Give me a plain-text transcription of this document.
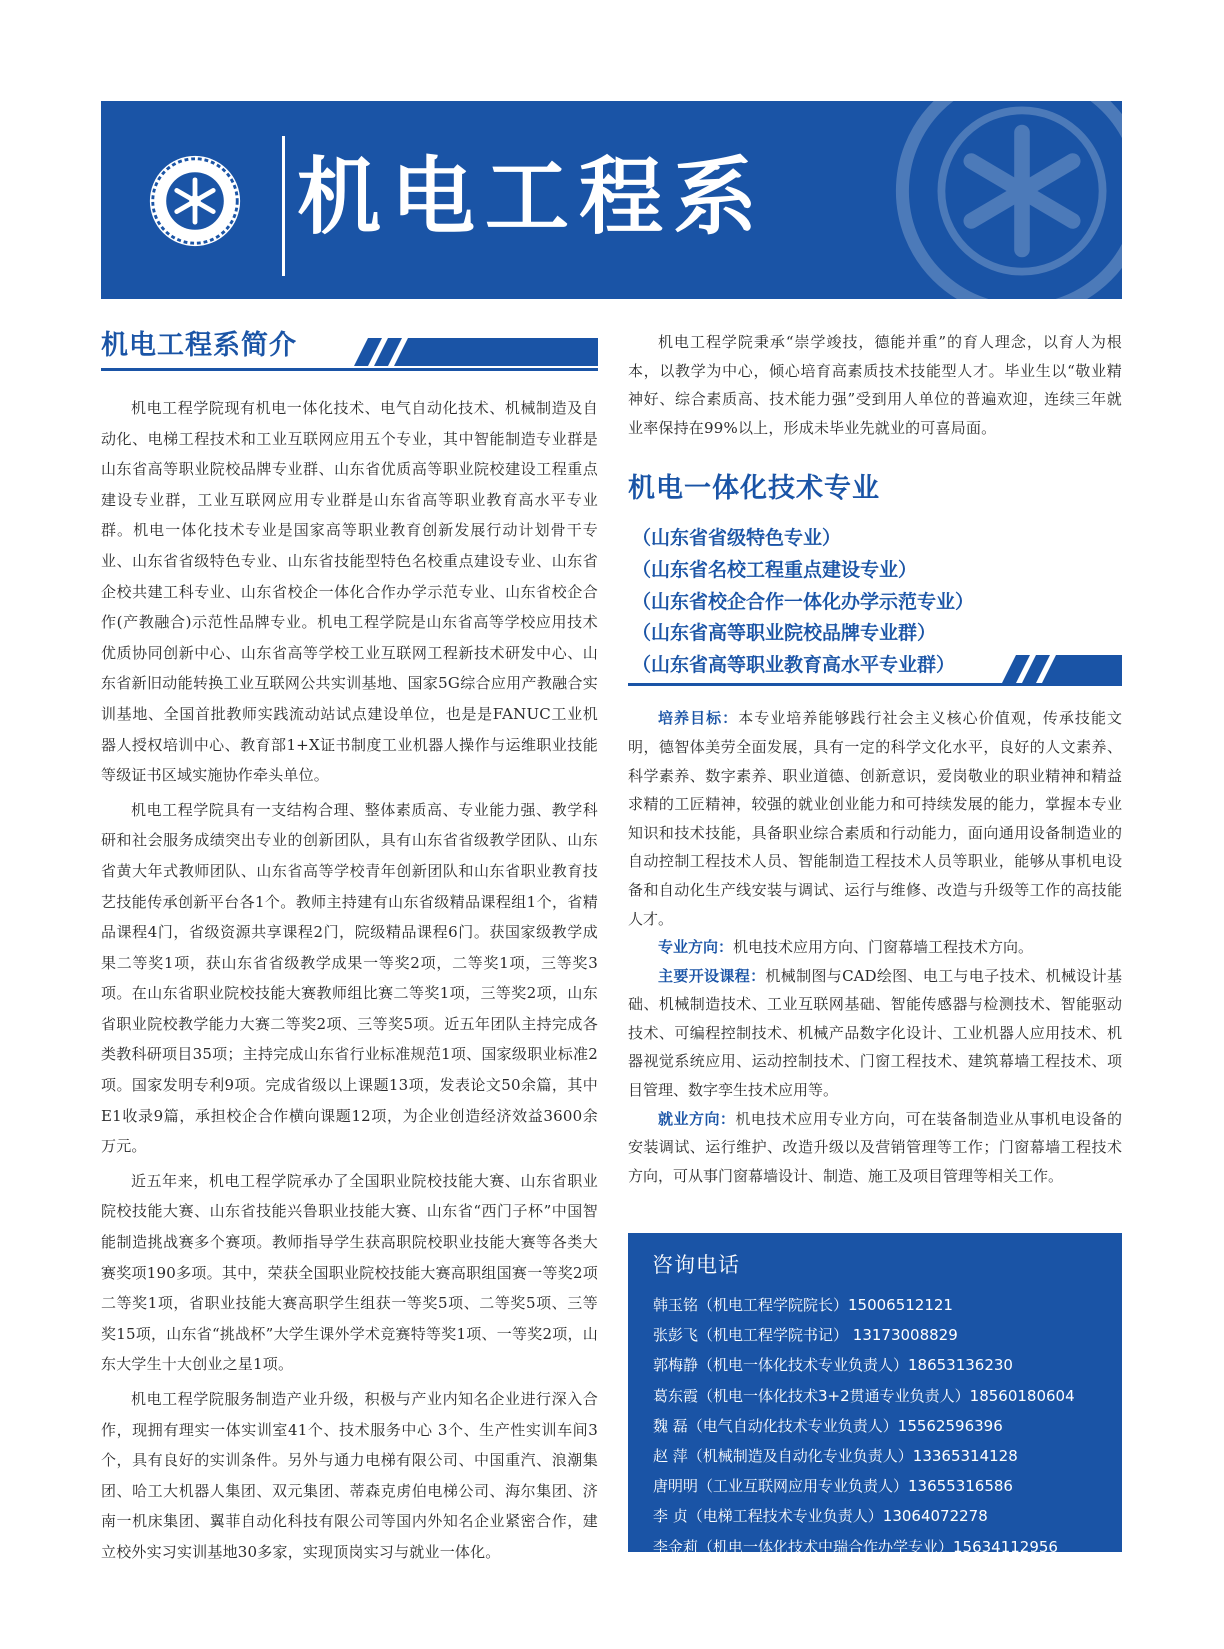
机电工程系
机电工程系简介

机电工程学院现有机电一体化技术、电气自动化技术、机械制造及自动化、电梯工程技术和工业互联网应用五个专业，其中智能制造专业群是山东省高等职业院校品牌专业群、山东省优质高等职业院校建设工程重点建设专业群，工业互联网应用专业群是山东省高等职业教育高水平专业群。机电一体化技术专业是国家高等职业教育创新发展行动计划骨干专业、山东省省级特色专业、山东省技能型特色名校重点建设专业、山东省企校共建工科专业、山东省校企一体化合作办学示范专业、山东省校企合作(产教融合)示范性品牌专业。机电工程学院是山东省高等学校应用技术优质协同创新中心、山东省高等学校工业互联网工程新技术研发中心、山东省新旧动能转换工业互联网公共实训基地、国家5G综合应用产教融合实训基地、全国首批教师实践流动站试点建设单位，也是是FANUC工业机器人授权培训中心、教育部1+X证书制度工业机器人操作与运维职业技能等级证书区域实施协作牵头单位。

机电工程学院具有一支结构合理、整体素质高、专业能力强、教学科研和社会服务成绩突出专业的创新团队，具有山东省省级教学团队、山东省黄大年式教师团队、山东省高等学校青年创新团队和山东省职业教育技艺技能传承创新平台各1个。教师主持建有山东省级精品课程组1个，省精品课程4门，省级资源共享课程2门，院级精品课程6门。获国家级教学成果二等奖1项，获山东省省级教学成果一等奖2项，二等奖1项，三等奖3项。在山东省职业院校技能大赛教师组比赛二等奖1项，三等奖2项，山东省职业院校教学能力大赛二等奖2项、三等奖5项。近五年团队主持完成各类教科研项目35项；主持完成山东省行业标准规范1项、国家级职业标准2项。国家发明专利9项。完成省级以上课题13项，发表论文50余篇，其中E1收录9篇，承担校企合作横向课题12项，为企业创造经济效益3600余万元。

近五年来，机电工程学院承办了全国职业院校技能大赛、山东省职业院校技能大赛、山东省技能兴鲁职业技能大赛、山东省“西门子杯”中国智能制造挑战赛多个赛项。教师指导学生获高职院校职业技能大赛等各类大赛奖项190多项。其中，荣获全国职业院校技能大赛高职组国赛一等奖2项二等奖1项，省职业技能大赛高职学生组获一等奖5项、二等奖5项、三等奖15项，山东省“挑战杯”大学生课外学术竞赛特等奖1项、一等奖2项，山东大学生十大创业之星1项。

机电工程学院服务制造产业升级，积极与产业内知名企业进行深入合作，现拥有理实一体实训室41个、技术服务中心 3个、生产性实训车间3个，具有良好的实训条件。另外与通力电梯有限公司、中国重汽、浪潮集团、哈工大机器人集团、双元集团、蒂森克虏伯电梯公司、海尔集团、济南一机床集团、翼菲自动化科技有限公司等国内外知名企业紧密合作，建立校外实习实训基地30多家，实现顶岗实习与就业一体化。

机电工程学院秉承“崇学竣技，德能并重”的育人理念，以育人为根本，以教学为中心，倾心培育高素质技术技能型人才。毕业生以“敬业精神好、综合素质高、技术能力强”受到用人单位的普遍欢迎，连续三年就业率保持在99%以上，形成未毕业先就业的可喜局面。

机电一体化技术专业

（山东省省级特色专业）

（山东省名校工程重点建设专业）

（山东省校企合作一体化办学示范专业）

（山东省高等职业院校品牌专业群）

（山东省高等职业教育高水平专业群）

培养目标：本专业培养能够践行社会主义核心价值观，传承技能文明，德智体美劳全面发展，具有一定的科学文化水平，良好的人文素养、科学素养、数字素养、职业道德、创新意识，爱岗敬业的职业精神和精益求精的工匠精神，较强的就业创业能力和可持续发展的能力，掌握本专业知识和技术技能，具备职业综合素质和行动能力，面向通用设备制造业的自动控制工程技术人员、智能制造工程技术人员等职业，能够从事机电设备和自动化生产线安装与调试、运行与维修、改造与升级等工作的高技能人才。

专业方向：机电技术应用方向、门窗幕墙工程技术方向。

主要开设课程：机械制图与CAD绘图、电工与电子技术、机械设计基础、机械制造技术、工业互联网基础、智能传感器与检测技术、智能驱动技术、可编程控制技术、机械产品数字化设计、工业机器人应用技术、机器视觉系统应用、运动控制技术、门窗工程技术、建筑幕墙工程技术、项目管理、数字孪生技术应用等。

就业方向：机电技术应用专业方向，可在装备制造业从事机电设备的安装调试、运行维护、改造升级以及营销管理等工作；门窗幕墙工程技术方向，可从事门窗幕墙设计、制造、施工及项目管理等相关工作。

咨询电话
韩玉铭（机电工程学院院长）15006512121
张彭飞（机电工程学院书记） 13173008829
郭梅静（机电一体化技术专业负责人）18653136230
葛东霞（机电一体化技术3+2贯通专业负责人）18560180604
魏 磊（电气自动化技术专业负责人）15562596396
赵 萍（机械制造及自动化专业负责人）13365314128
唐明明（工业互联网应用专业负责人）13655316586
李 贞（电梯工程技术专业负责人）13064072278
李金莉（机电一体化技术中瑞合作办学专业）15634112956
